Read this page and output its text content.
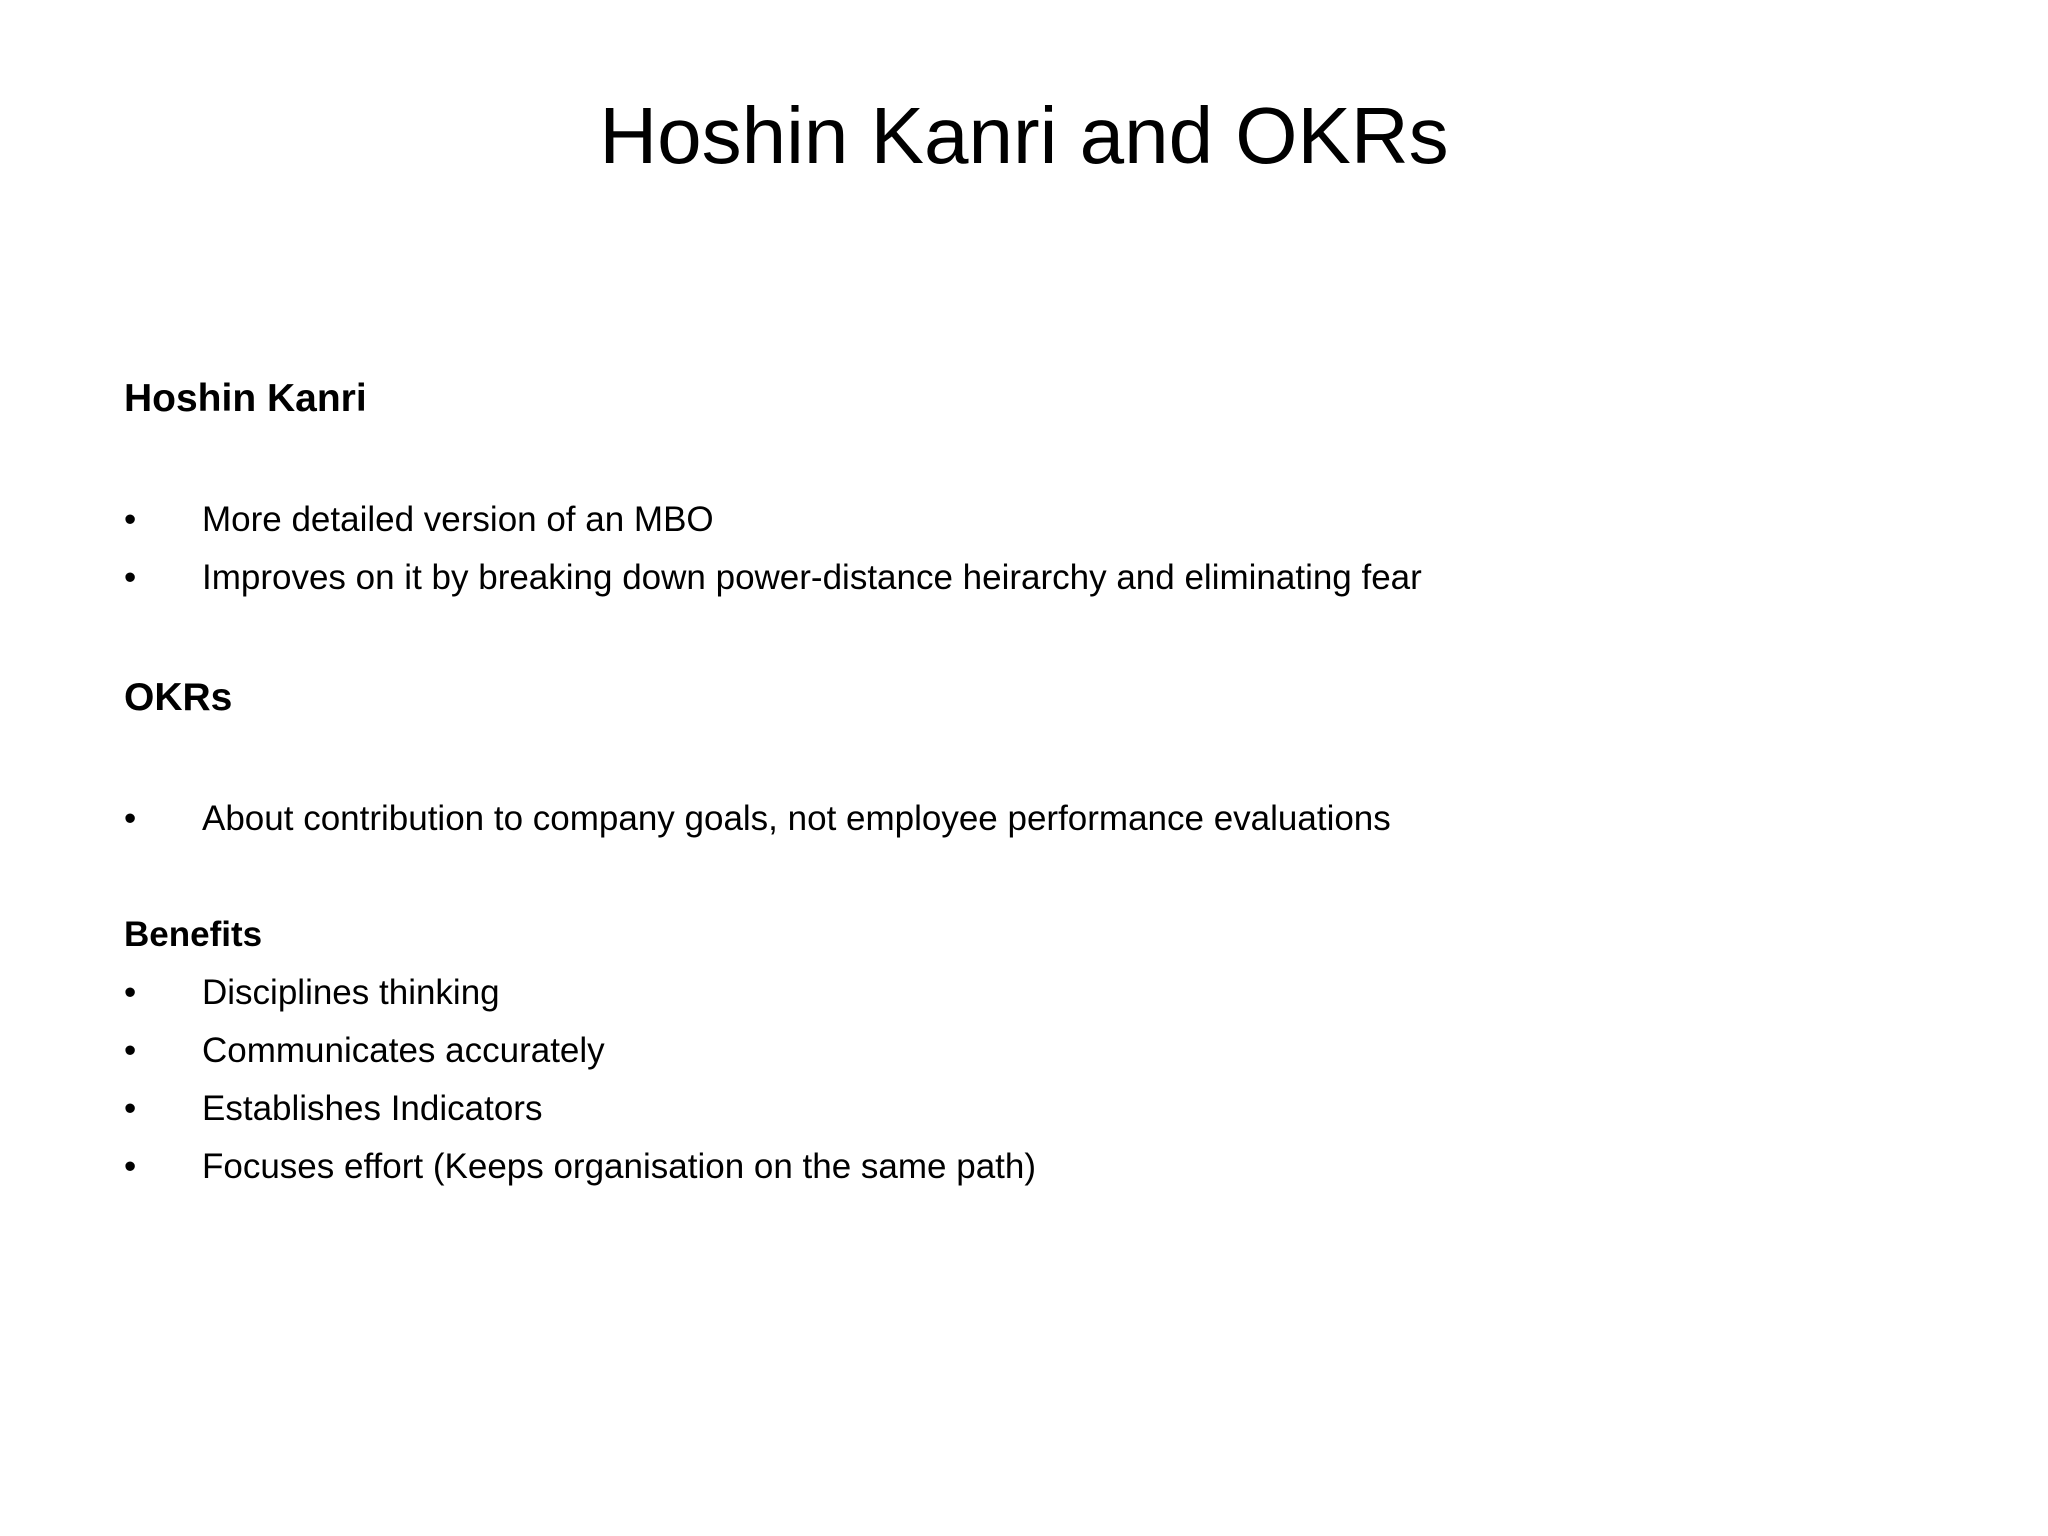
Hoshin Kanri and OKRs
Hoshin Kanri
•	More detailed version of an MBO
•	Improves on it by breaking down power-distance heirarchy and eliminating fear
OKRs
•	About contribution to company goals, not employee performance evaluations
Benefits
•	Disciplines thinking
•	Communicates accurately
•	Establishes Indicators
•	Focuses effort (Keeps organisation on the same path)
